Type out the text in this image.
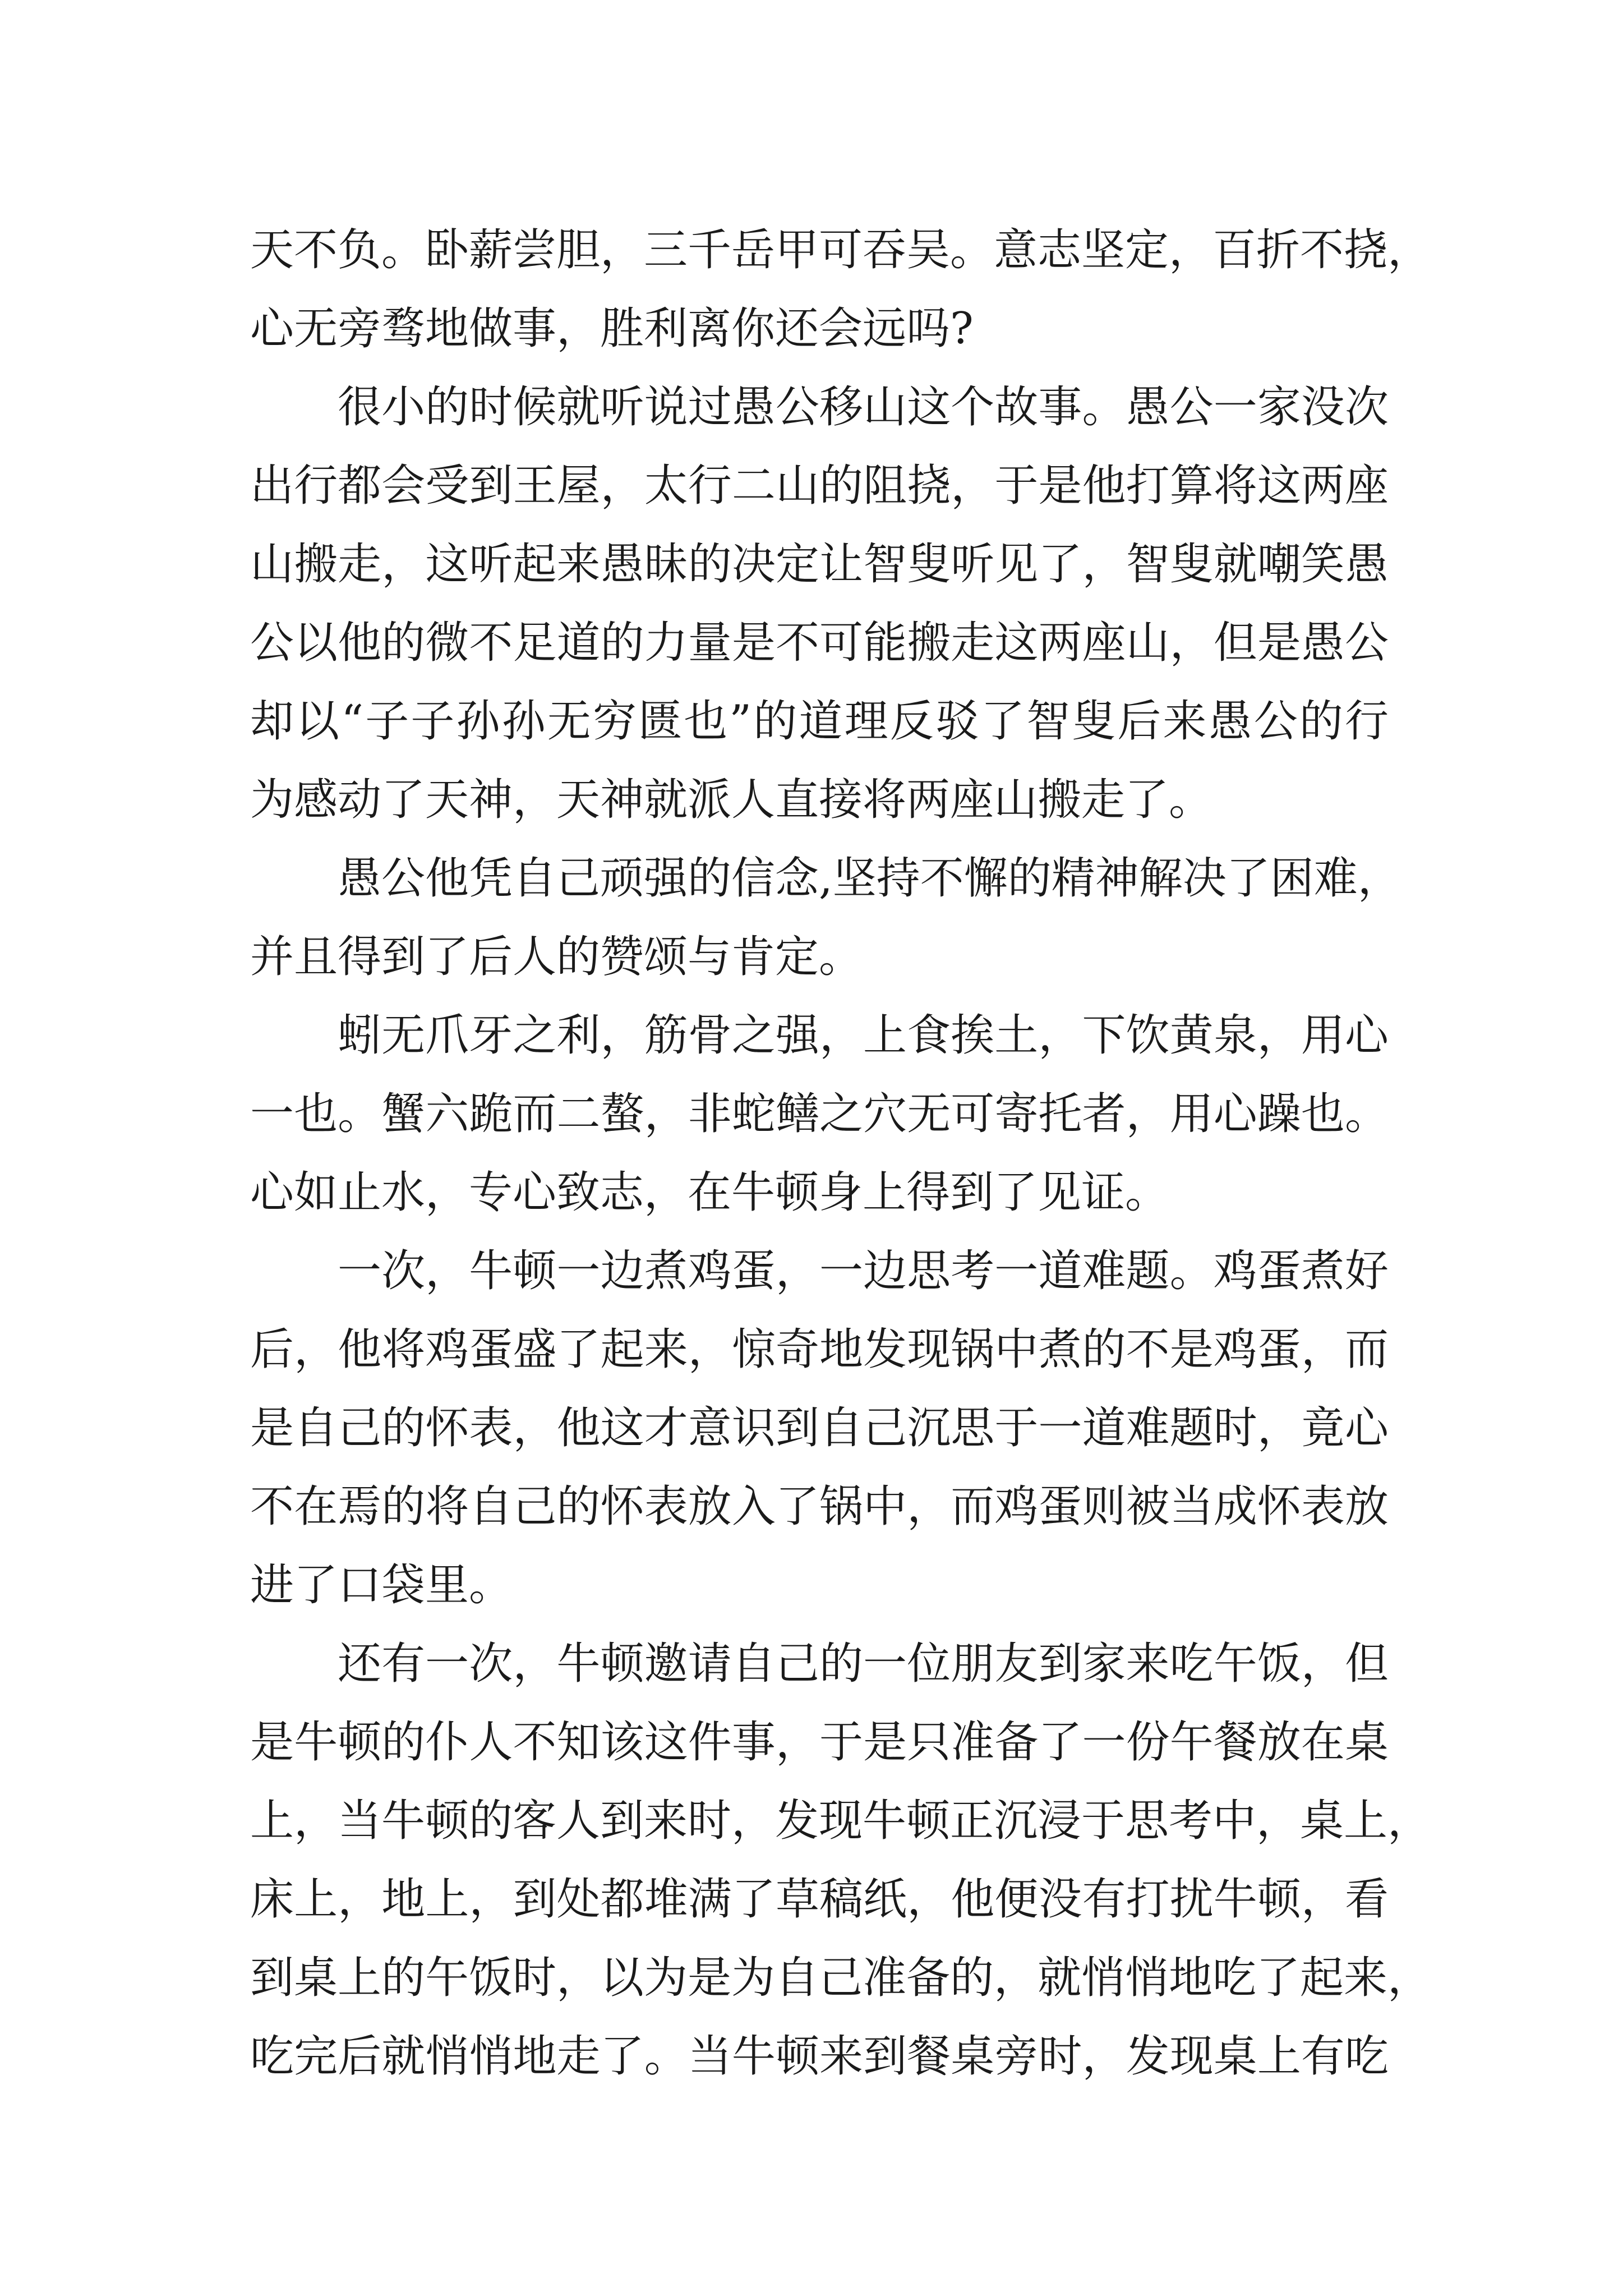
天不负。卧薪尝胆，三千岳甲可吞吴。意志坚定，百折不挠，
心无旁骛地做事，胜利离你还会远吗?
很小的时候就听说过愚公移山这个故事。愚公一家没次
出行都会受到王屋，太行二山的阻挠，于是他打算将这两座
山搬走，这听起来愚昧的决定让智叟听见了，智叟就嘲笑愚
公以他的微不足道的力量是不可能搬走这两座山，但是愚公
却以“子子孙孙无穷匮也”的道理反驳了智叟后来愚公的行
为感动了天神，天神就派人直接将两座山搬走了。
愚公他凭自己顽强的信念,坚持不懈的精神解决了困难，
并且得到了后人的赞颂与肯定。
蚓无爪牙之利，筋骨之强，上食挨土，下饮黄泉，用心
一也。蟹六跪而二螯，非蛇鳝之穴无可寄托者，用心躁也。
心如止水，专心致志，在牛顿身上得到了见证。
一次，牛顿一边煮鸡蛋，一边思考一道难题。鸡蛋煮好
后，他将鸡蛋盛了起来，惊奇地发现锅中煮的不是鸡蛋，而
是自己的怀表，他这才意识到自己沉思于一道难题时，竟心
不在焉的将自己的怀表放入了锅中，而鸡蛋则被当成怀表放
进了口袋里。
还有一次，牛顿邀请自己的一位朋友到家来吃午饭，但
是牛顿的仆人不知该这件事，于是只准备了一份午餐放在桌
上，当牛顿的客人到来时，发现牛顿正沉浸于思考中，桌上，
床上，地上，到处都堆满了草稿纸，他便没有打扰牛顿，看
到桌上的午饭时，以为是为自己准备的，就悄悄地吃了起来，
吃完后就悄悄地走了。当牛顿来到餐桌旁时，发现桌上有吃
